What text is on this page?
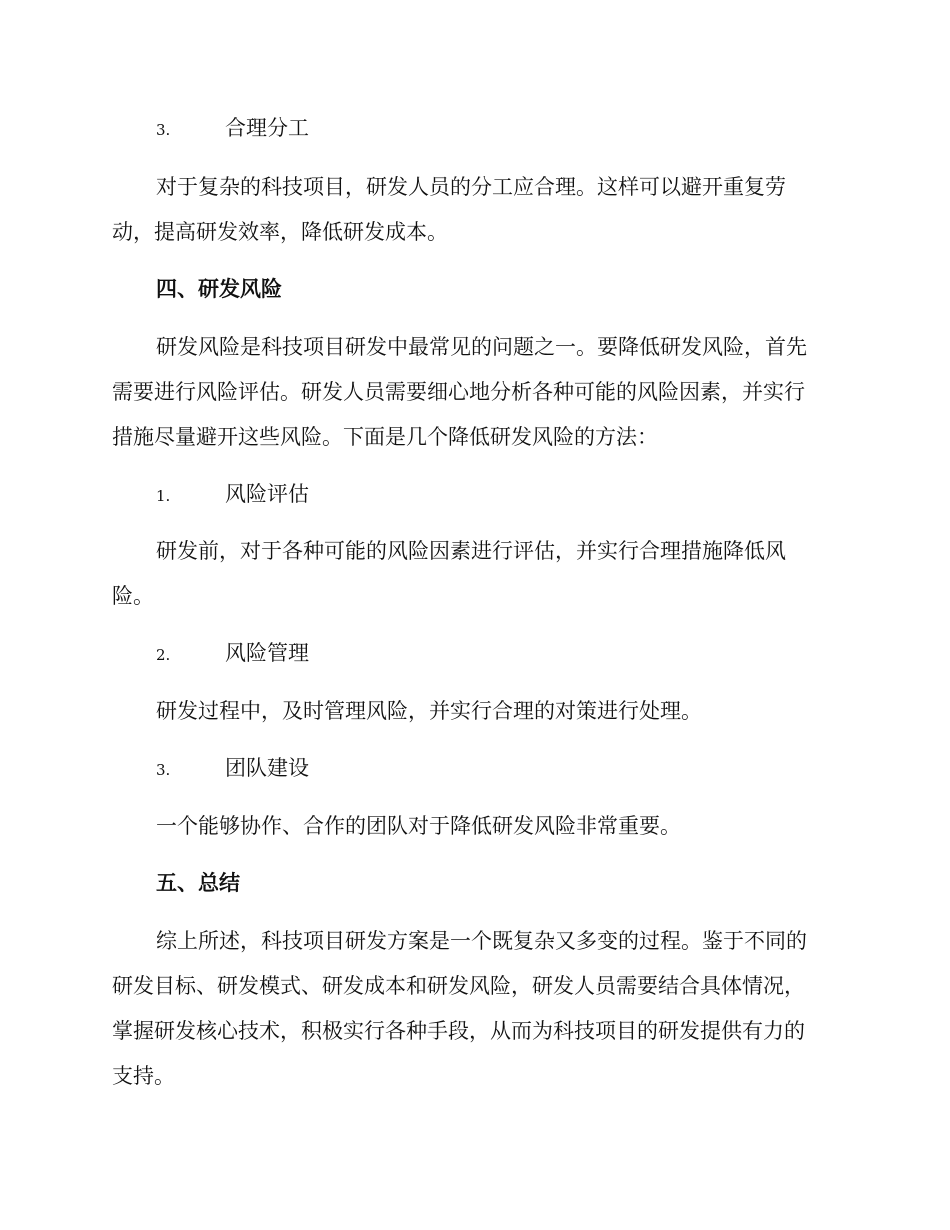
3.	合理分工

对于复杂的科技项目，研发人员的分工应合理。这样可以避开重复劳

动，提高研发效率，降低研发成本。

四、研发风险

研发风险是科技项目研发中最常见的问题之一。要降低研发风险，首先

需要进行风险评估。研发人员需要细心地分析各种可能的风险因素，并实行

措施尽量避开这些风险。下面是几个降低研发风险的方法：

1.	风险评估

研发前，对于各种可能的风险因素进行评估，并实行合理措施降低风

险。

2.	风险管理

研发过程中，及时管理风险，并实行合理的对策进行处理。

3.	团队建设

一个能够协作、合作的团队对于降低研发风险非常重要。

五、总结

综上所述，科技项目研发方案是一个既复杂又多变的过程。鉴于不同的

研发目标、研发模式、研发成本和研发风险，研发人员需要结合具体情况，

掌握研发核心技术，积极实行各种手段，从而为科技项目的研发提供有力的

支持。
